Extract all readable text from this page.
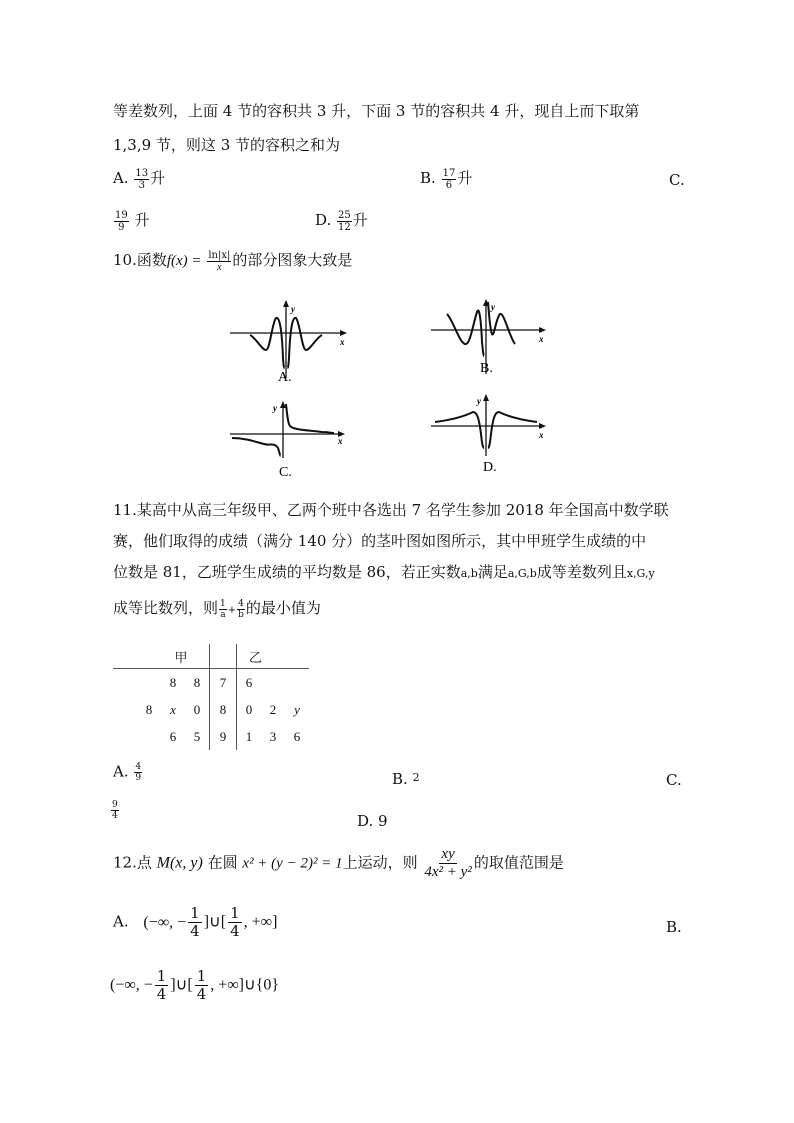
等差数列，上面 4 节的容积共 3 升，下面 3 节的容积共 4 升，现自上而下取第
1,3,9 节，则这 3 节的容积之和为
A. $\frac{13}{3}$ 升	B. $\frac{17}{6}$ 升	C.
$\frac{19}{9}$ 升	D. $\frac{25}{12}$ 升
10.函数$f(x) = \frac{\ln|x|}{x}$ 的部分图象大致是
y
x
A.
y
x
B.
y
x
C.
y
x
D.
11.某高中从高三年级甲、乙两个班中各选出 7 名学生参加 2018 年全国高中数学联
赛，他们取得的成绩（满分 140 分）的茎叶图如图所示，其中甲班学生成绩的中
位数是 81，乙班学生成绩的平均数是 86，若正实数a,b满足a,G,b成等差数列且x,G,y
成等比数列，则 $\frac{1}{a} + \frac{4}{b}$ 的最小值为
甲					乙		
		8	8	7	6		
	8	x	0	8	0	2	y
		6	5	9	1	3	6
A. $\frac{4}{9}$	B. $^2$	C.
$\frac{9}{4}$	D. 9
12.点 M(x, y) 在圆 x² + (y − 2)² = 1上运动，则 $\frac{xy}{\text{4x² + y²}}$ 的取值范围是
A. (−∞, − $\frac{1}{4}$ ]∪[ $\frac{1}{4}$ , +∞]	B.
(−∞, − $\frac{1}{4}$ ]∪[ $\frac{1}{4}$ , +∞]∪{0}
